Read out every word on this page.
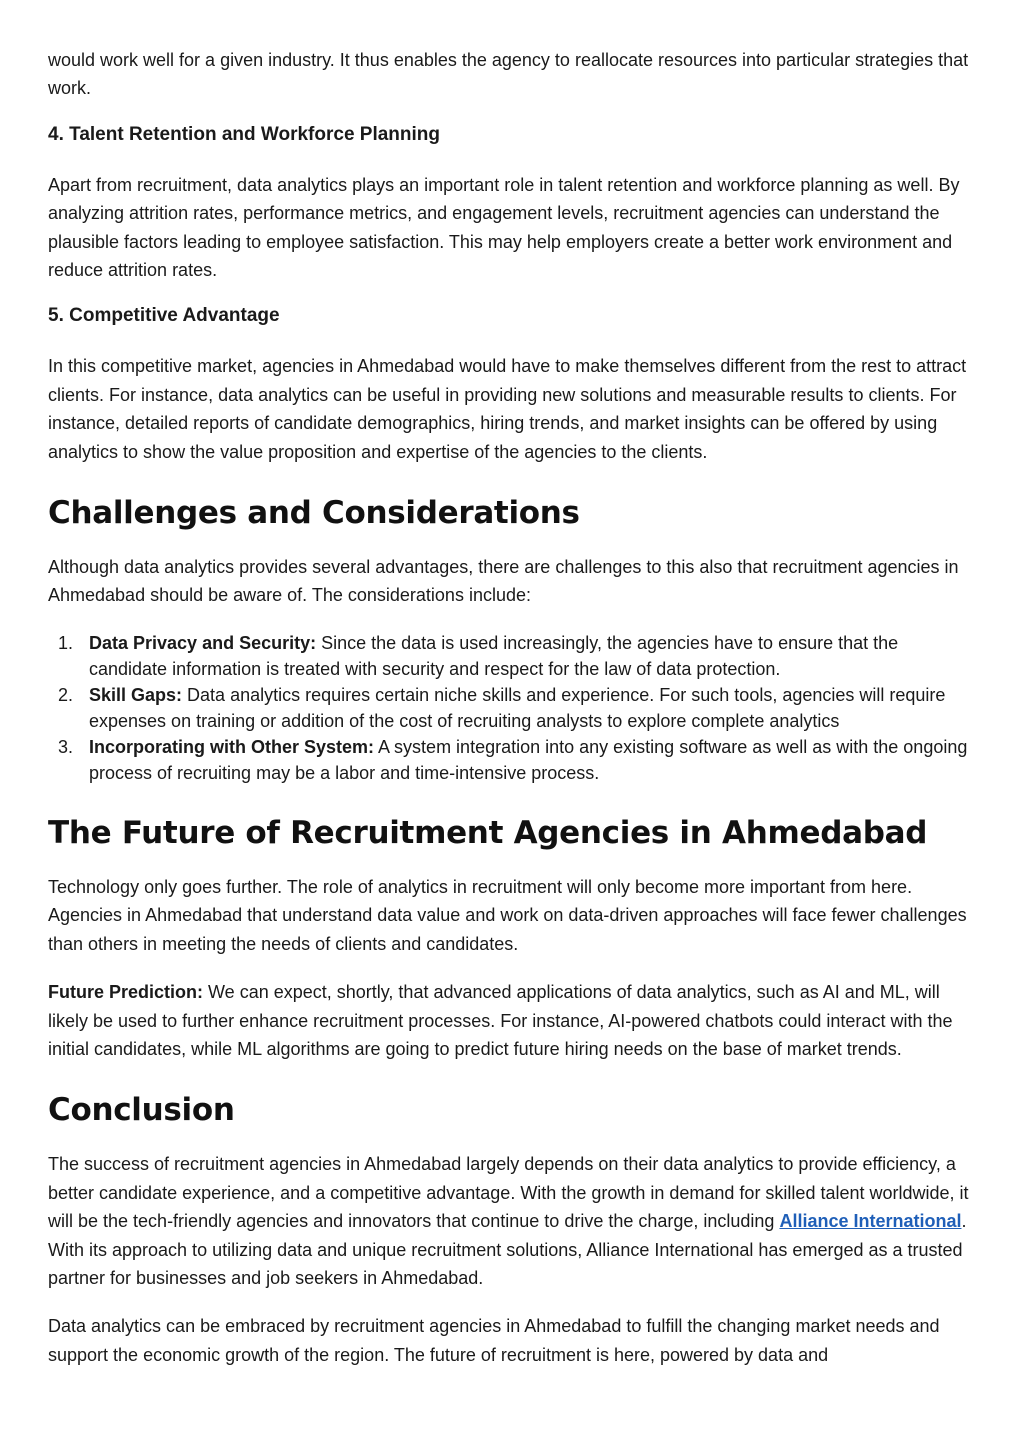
would work well for a given industry. It thus enables the agency to reallocate resources into particular strategies that work.

4. Talent Retention and Workforce Planning

Apart from recruitment, data analytics plays an important role in talent retention and workforce planning as well. By analyzing attrition rates, performance metrics, and engagement levels, recruitment agencies can understand the plausible factors leading to employee satisfaction. This may help employers create a better work environment and reduce attrition rates.

5. Competitive Advantage

In this competitive market, agencies in Ahmedabad would have to make themselves different from the rest to attract clients. For instance, data analytics can be useful in providing new solutions and measurable results to clients. For instance, detailed reports of candidate demographics, hiring trends, and market insights can be offered by using analytics to show the value proposition and expertise of the agencies to the clients.

Challenges and Considerations

Although data analytics provides several advantages, there are challenges to this also that recruitment agencies in Ahmedabad should be aware of. The considerations include:

1. Data Privacy and Security: Since the data is used increasingly, the agencies have to ensure that the candidate information is treated with security and respect for the law of data protection.
2. Skill Gaps: Data analytics requires certain niche skills and experience. For such tools, agencies will require expenses on training or addition of the cost of recruiting analysts to explore complete analytics
3. Incorporating with Other System: A system integration into any existing software as well as with the ongoing process of recruiting may be a labor and time-intensive process.
The Future of Recruitment Agencies in Ahmedabad

Technology only goes further. The role of analytics in recruitment will only become more important from here. Agencies in Ahmedabad that understand data value and work on data-driven approaches will face fewer challenges than others in meeting the needs of clients and candidates.

Future Prediction: We can expect, shortly, that advanced applications of data analytics, such as AI and ML, will likely be used to further enhance recruitment processes. For instance, AI-powered chatbots could interact with the initial candidates, while ML algorithms are going to predict future hiring needs on the base of market trends.

Conclusion

The success of recruitment agencies in Ahmedabad largely depends on their data analytics to provide efficiency, a better candidate experience, and a competitive advantage. With the growth in demand for skilled talent worldwide, it will be the tech-friendly agencies and innovators that continue to drive the charge, including Alliance International. With its approach to utilizing data and unique recruitment solutions, Alliance International has emerged as a trusted partner for businesses and job seekers in Ahmedabad.

Data analytics can be embraced by recruitment agencies in Ahmedabad to fulfill the changing market needs and support the economic growth of the region. The future of recruitment is here, powered by data and
